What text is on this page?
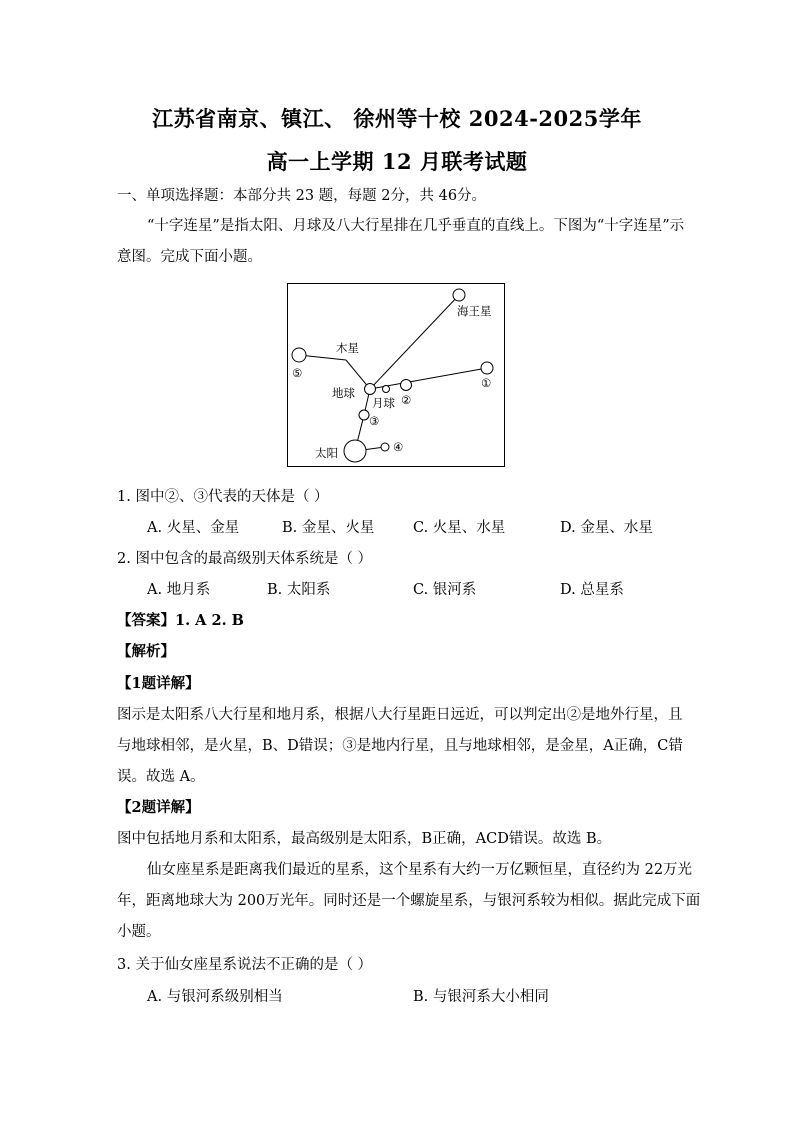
江苏省南京、镇江、 徐州等十校 2024-2025学年
高一上学期 12 月联考试题
一、单项选择题：本部分共 23 题，每题 2分，共 46分。
“十字连星”是指太阳、月球及八大行星排在几乎垂直的直线上。下图为“十字连星”示
意图。完成下面小题。
海王星
木星
⑤
地球
月球 ②
①
③
太阳	④
1. 图中②、③代表的天体是（ ）
A. 火星、金星	B. 金星、火星	C. 火星、水星	D. 金星、水星
2. 图中包含的最高级别天体系统是（ ）
A. 地月系	B. 太阳系	C. 银河系	D. 总星系
【答案】1. A 2. B
【解析】
【1题详解】
图示是太阳系八大行星和地月系，根据八大行星距日远近，可以判定出②是地外行星，且
与地球相邻，是火星，B、D错误；③是地内行星，且与地球相邻，是金星，A正确，C错
误。故选 A。
【2题详解】
图中包括地月系和太阳系，最高级别是太阳系，B正确，ACD错误。故选 B。
仙女座星系是距离我们最近的星系，这个星系有大约一万亿颗恒星，直径约为 22万光
年，距离地球大为 200万光年。同时还是一个螺旋星系，与银河系较为相似。据此完成下面
小题。
3. 关于仙女座星系说法不正确的是（ ）
A. 与银河系级别相当	B. 与银河系大小相同
